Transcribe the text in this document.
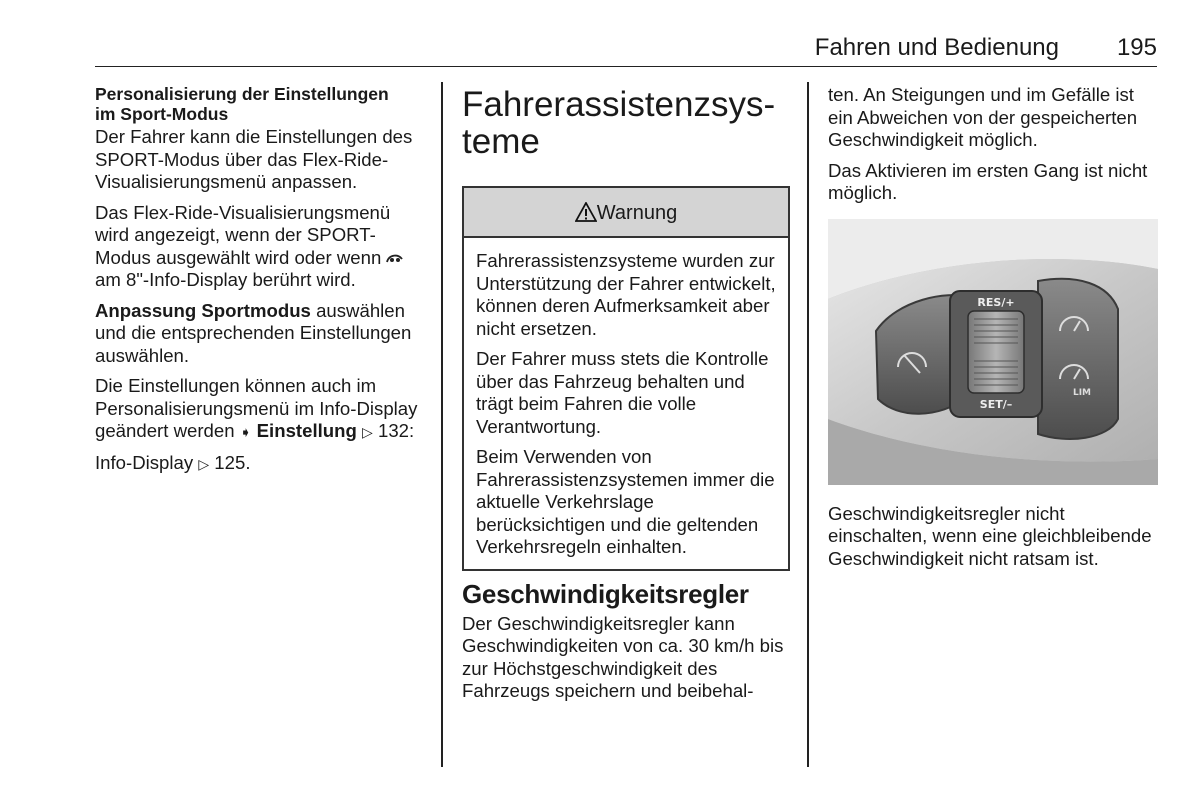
Fahren und Bedienung 195
Personalisierung der Einstellungen
im Sport-Modus

Der Fahrer kann die Einstellungen des SPORT-Modus über das Flex-Ride-Visualisierungsmenü anpassen.

Das Flex-Ride-Visualisierungsmenü wird angezeigt, wenn der SPORT-Modus ausgewählt wird oder wenn  am 8"-Info-Display berührt wird.

Anpassung Sportmodus auswählen und die entsprechenden Einstellungen auswählen.

Die Einstellungen können auch im Personalisierungsmenü im Info-Display geändert werden ➧ Einstellung ▷ 132:

Info-Display ▷ 125.

Fahrerassistenzsys-
teme
Warnung

Fahrerassistenzsysteme wurden zur Unterstützung der Fahrer entwickelt, können deren Aufmerksamkeit aber nicht ersetzen.

Der Fahrer muss stets die Kontrolle über das Fahrzeug behalten und trägt beim Fahren die volle Verantwortung.

Beim Verwenden von Fahrerassistenzsystemen immer die aktuelle Verkehrslage berücksichtigen und die geltenden Verkehrsregeln einhalten.

Geschwindigkeitsregler

Der Geschwindigkeitsregler kann Geschwindigkeiten von ca. 30 km/h bis zur Höchstgeschwindigkeit des Fahrzeugs speichern und beibehal-

ten. An Steigungen und im Gefälle ist ein Abweichen von der gespeicherten Geschwindigkeit möglich.

Das Aktivieren im ersten Gang ist nicht möglich.

RES/+
SET/–
LIM

Geschwindigkeitsregler nicht einschalten, wenn eine gleichbleibende Geschwindigkeit nicht ratsam ist.
